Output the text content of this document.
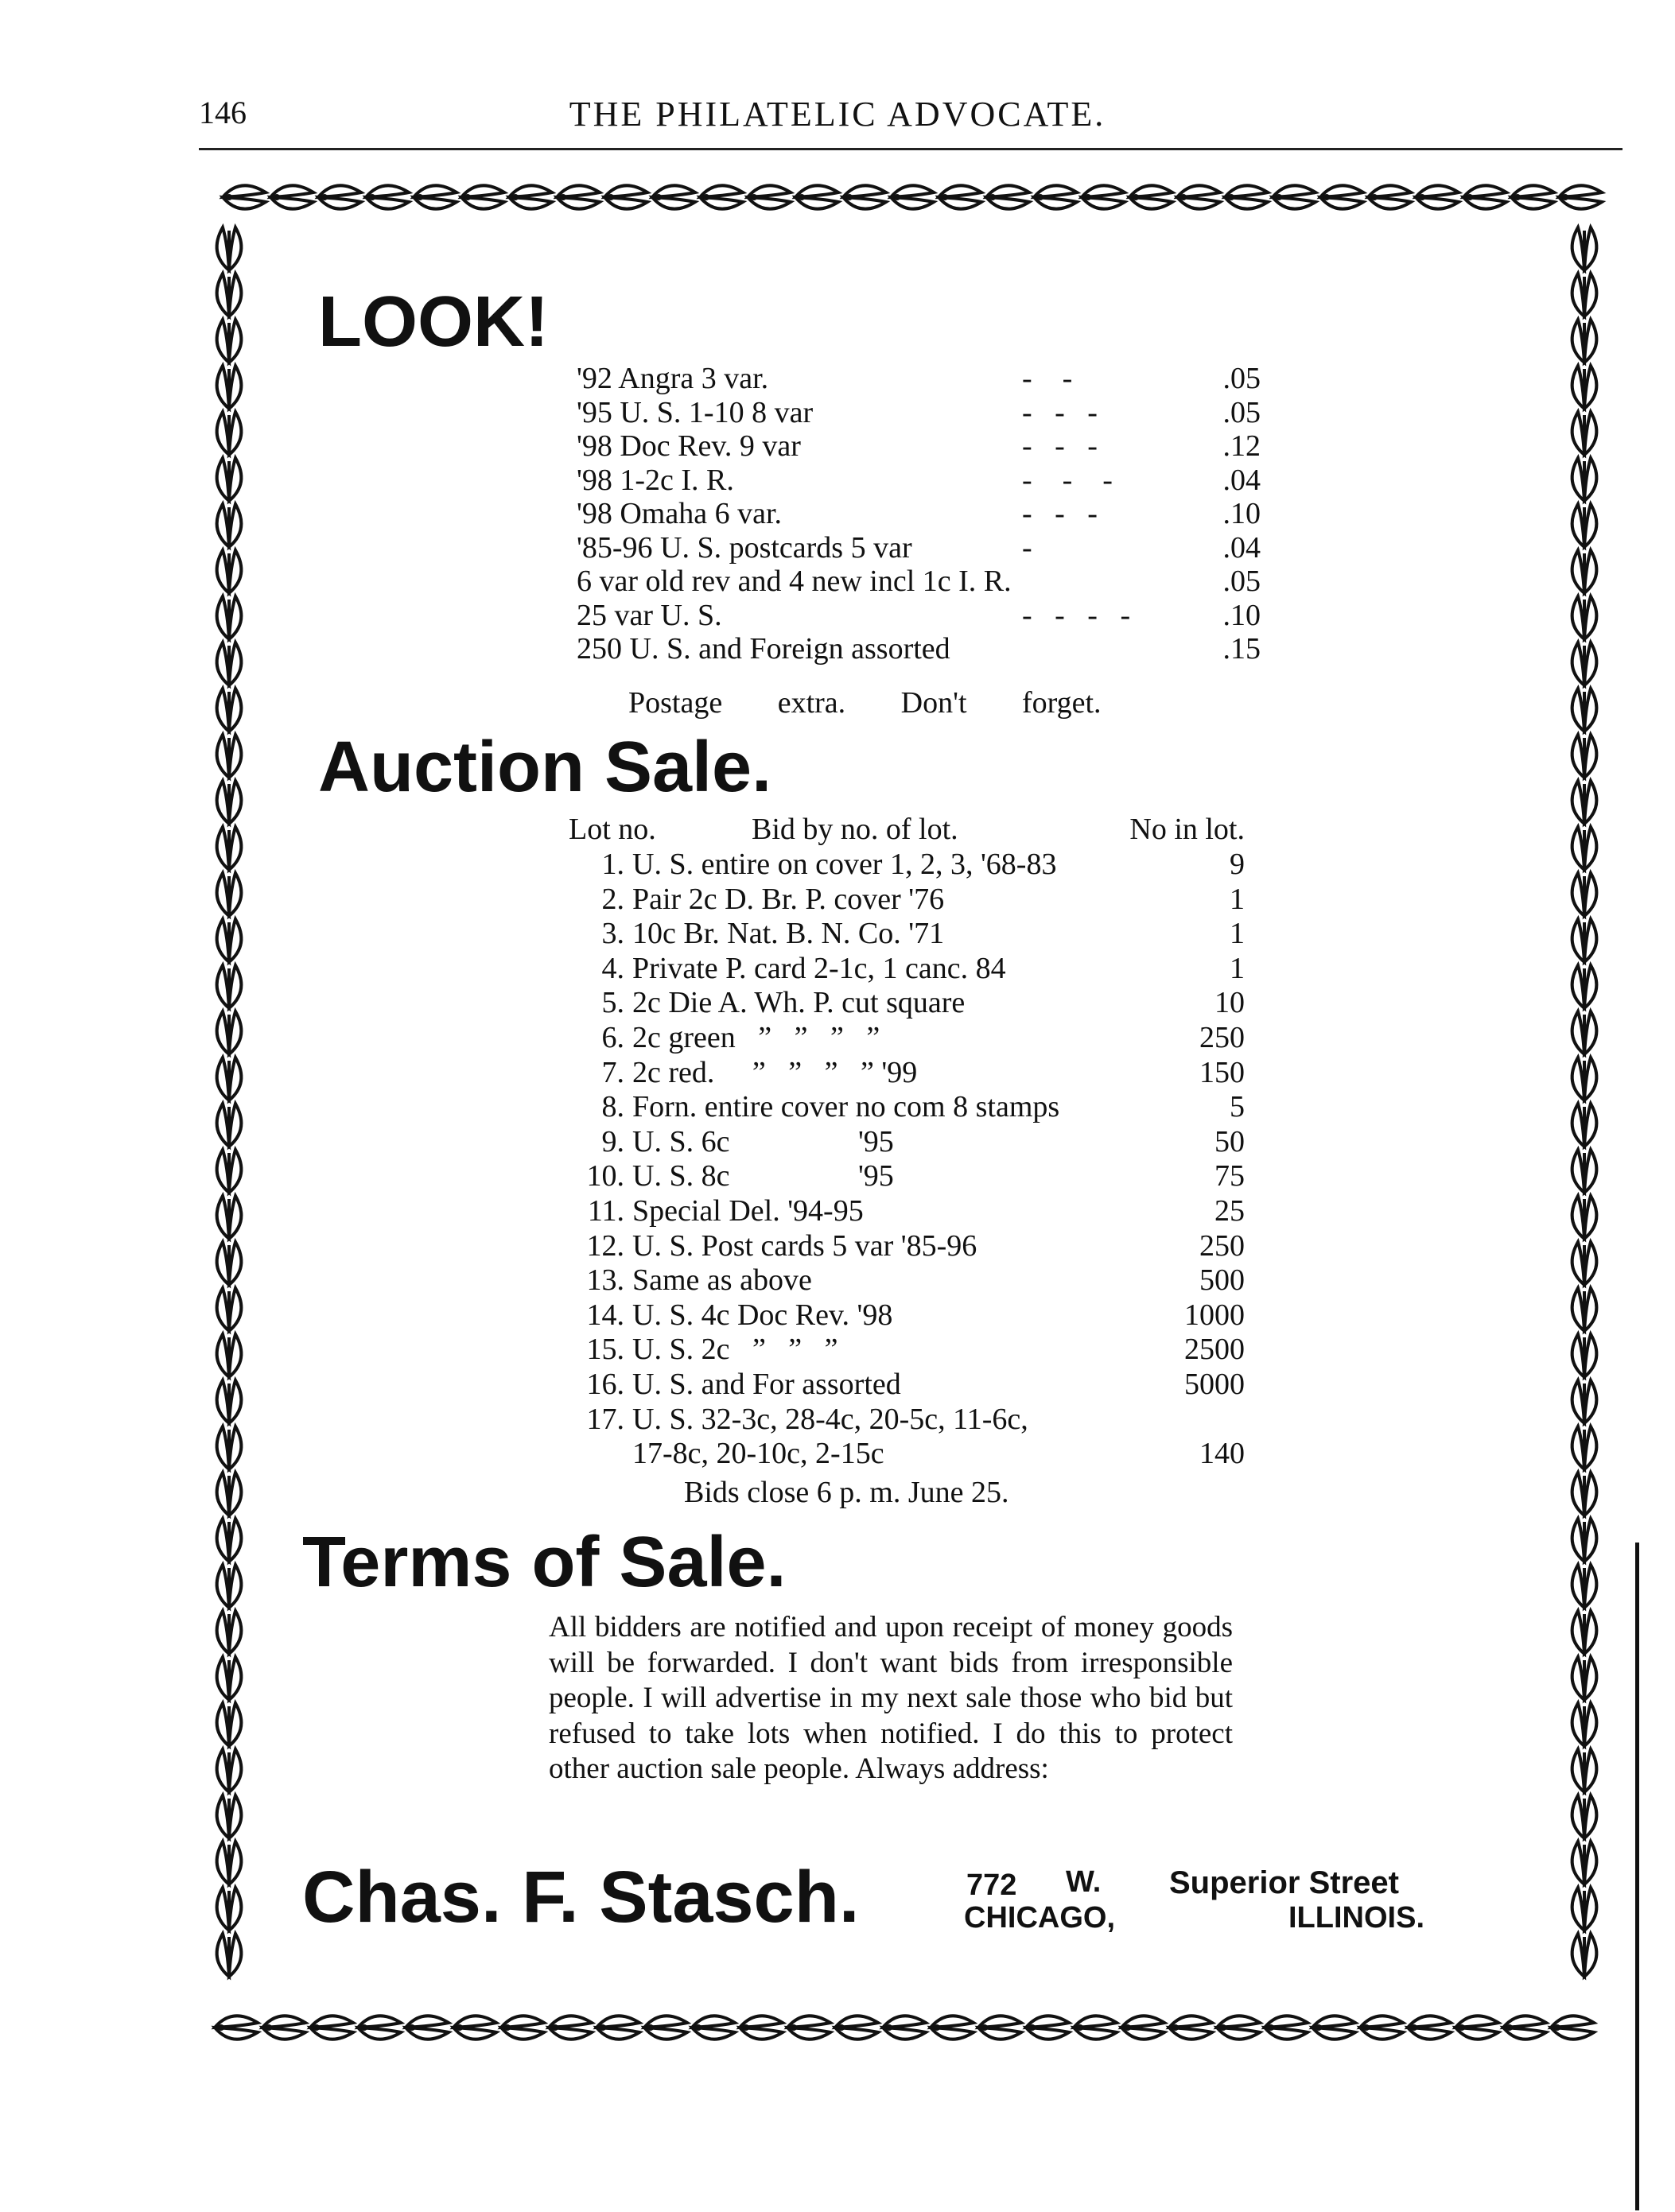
146	THE PHILATELIC ADVOCATE.
LOOK!
'92 Angra 3 var.	-    -	.05
'95 U. S. 1-10 8 var	-   -   -	.05
'98 Doc Rev. 9 var	-   -   -	.12
'98 1-2c I. R.	-    -    -	.04
'98 Omaha 6 var.	-   -   -	.10
'85-96 U. S. postcards 5 var	-	.04
6 var old rev and 4 new incl 1c I. R.	.05
25 var U. S.	-   -   -   -	.10
250 U. S. and Foreign assorted	.15
Postage extra. Don't forget.
Auction Sale.
Lot no.	Bid by no. of lot.	No in lot.
1. U. S. entire on cover 1, 2, 3, '68-83	9
2. Pair 2c D. Br. P. cover '76	1
3. 10c Br. Nat. B. N. Co. '71	1
4. Private P. card 2-1c, 1 canc. 84	1
5. 2c Die A. Wh. P. cut square	10
6. 2c green   ”   ”   ”   ”	250
7. 2c red.     ”   ”   ”   ” '99	150
8. Forn. entire cover no com 8 stamps	5
9. U. S. 6c                 '95	50
10. U. S. 8c                 '95	75
11. Special Del. '94-95	25
12. U. S. Post cards 5 var '85-96	250
13. Same as above	500
14. U. S. 4c Doc Rev. '98	1000
15. U. S. 2c   ”   ”   ”	2500
16. U. S. and For assorted	5000
17. U. S. 32-3c, 28-4c, 20-5c, 11-6c,
17-8c, 20-10c, 2-15c	140
Bids close 6 p. m. June 25.
Terms of Sale.
All bidders are notified and upon receipt of money goods will be forwarded. I don't want bids from irresponsible people. I will advertise in my next sale those who bid but refused to take lots when notified. I do this to protect other auction sale people. Always address:
Chas. F. Stasch.	772 W. Superior Street
CHICAGO,	ILLINOIS.
